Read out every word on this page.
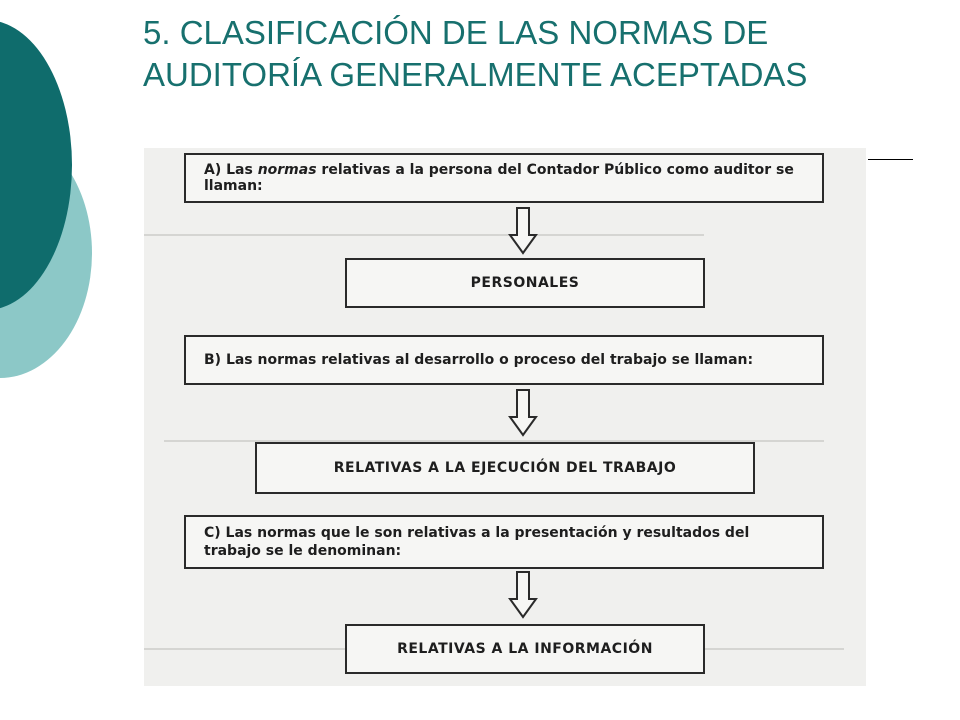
5. CLASIFICACIÓN DE LAS NORMAS DE AUDITORÍA GENERALMENTE ACEPTADAS
A) Las normas relativas a la persona del Contador Público como auditor se llaman:
PERSONALES
B) Las normas relativas al desarrollo o proceso del trabajo se llaman:
RELATIVAS A LA EJECUCIÓN DEL TRABAJO
C) Las normas que le son relativas a la presentación y resultados del trabajo se le denominan:
RELATIVAS A LA INFORMACIÓN
